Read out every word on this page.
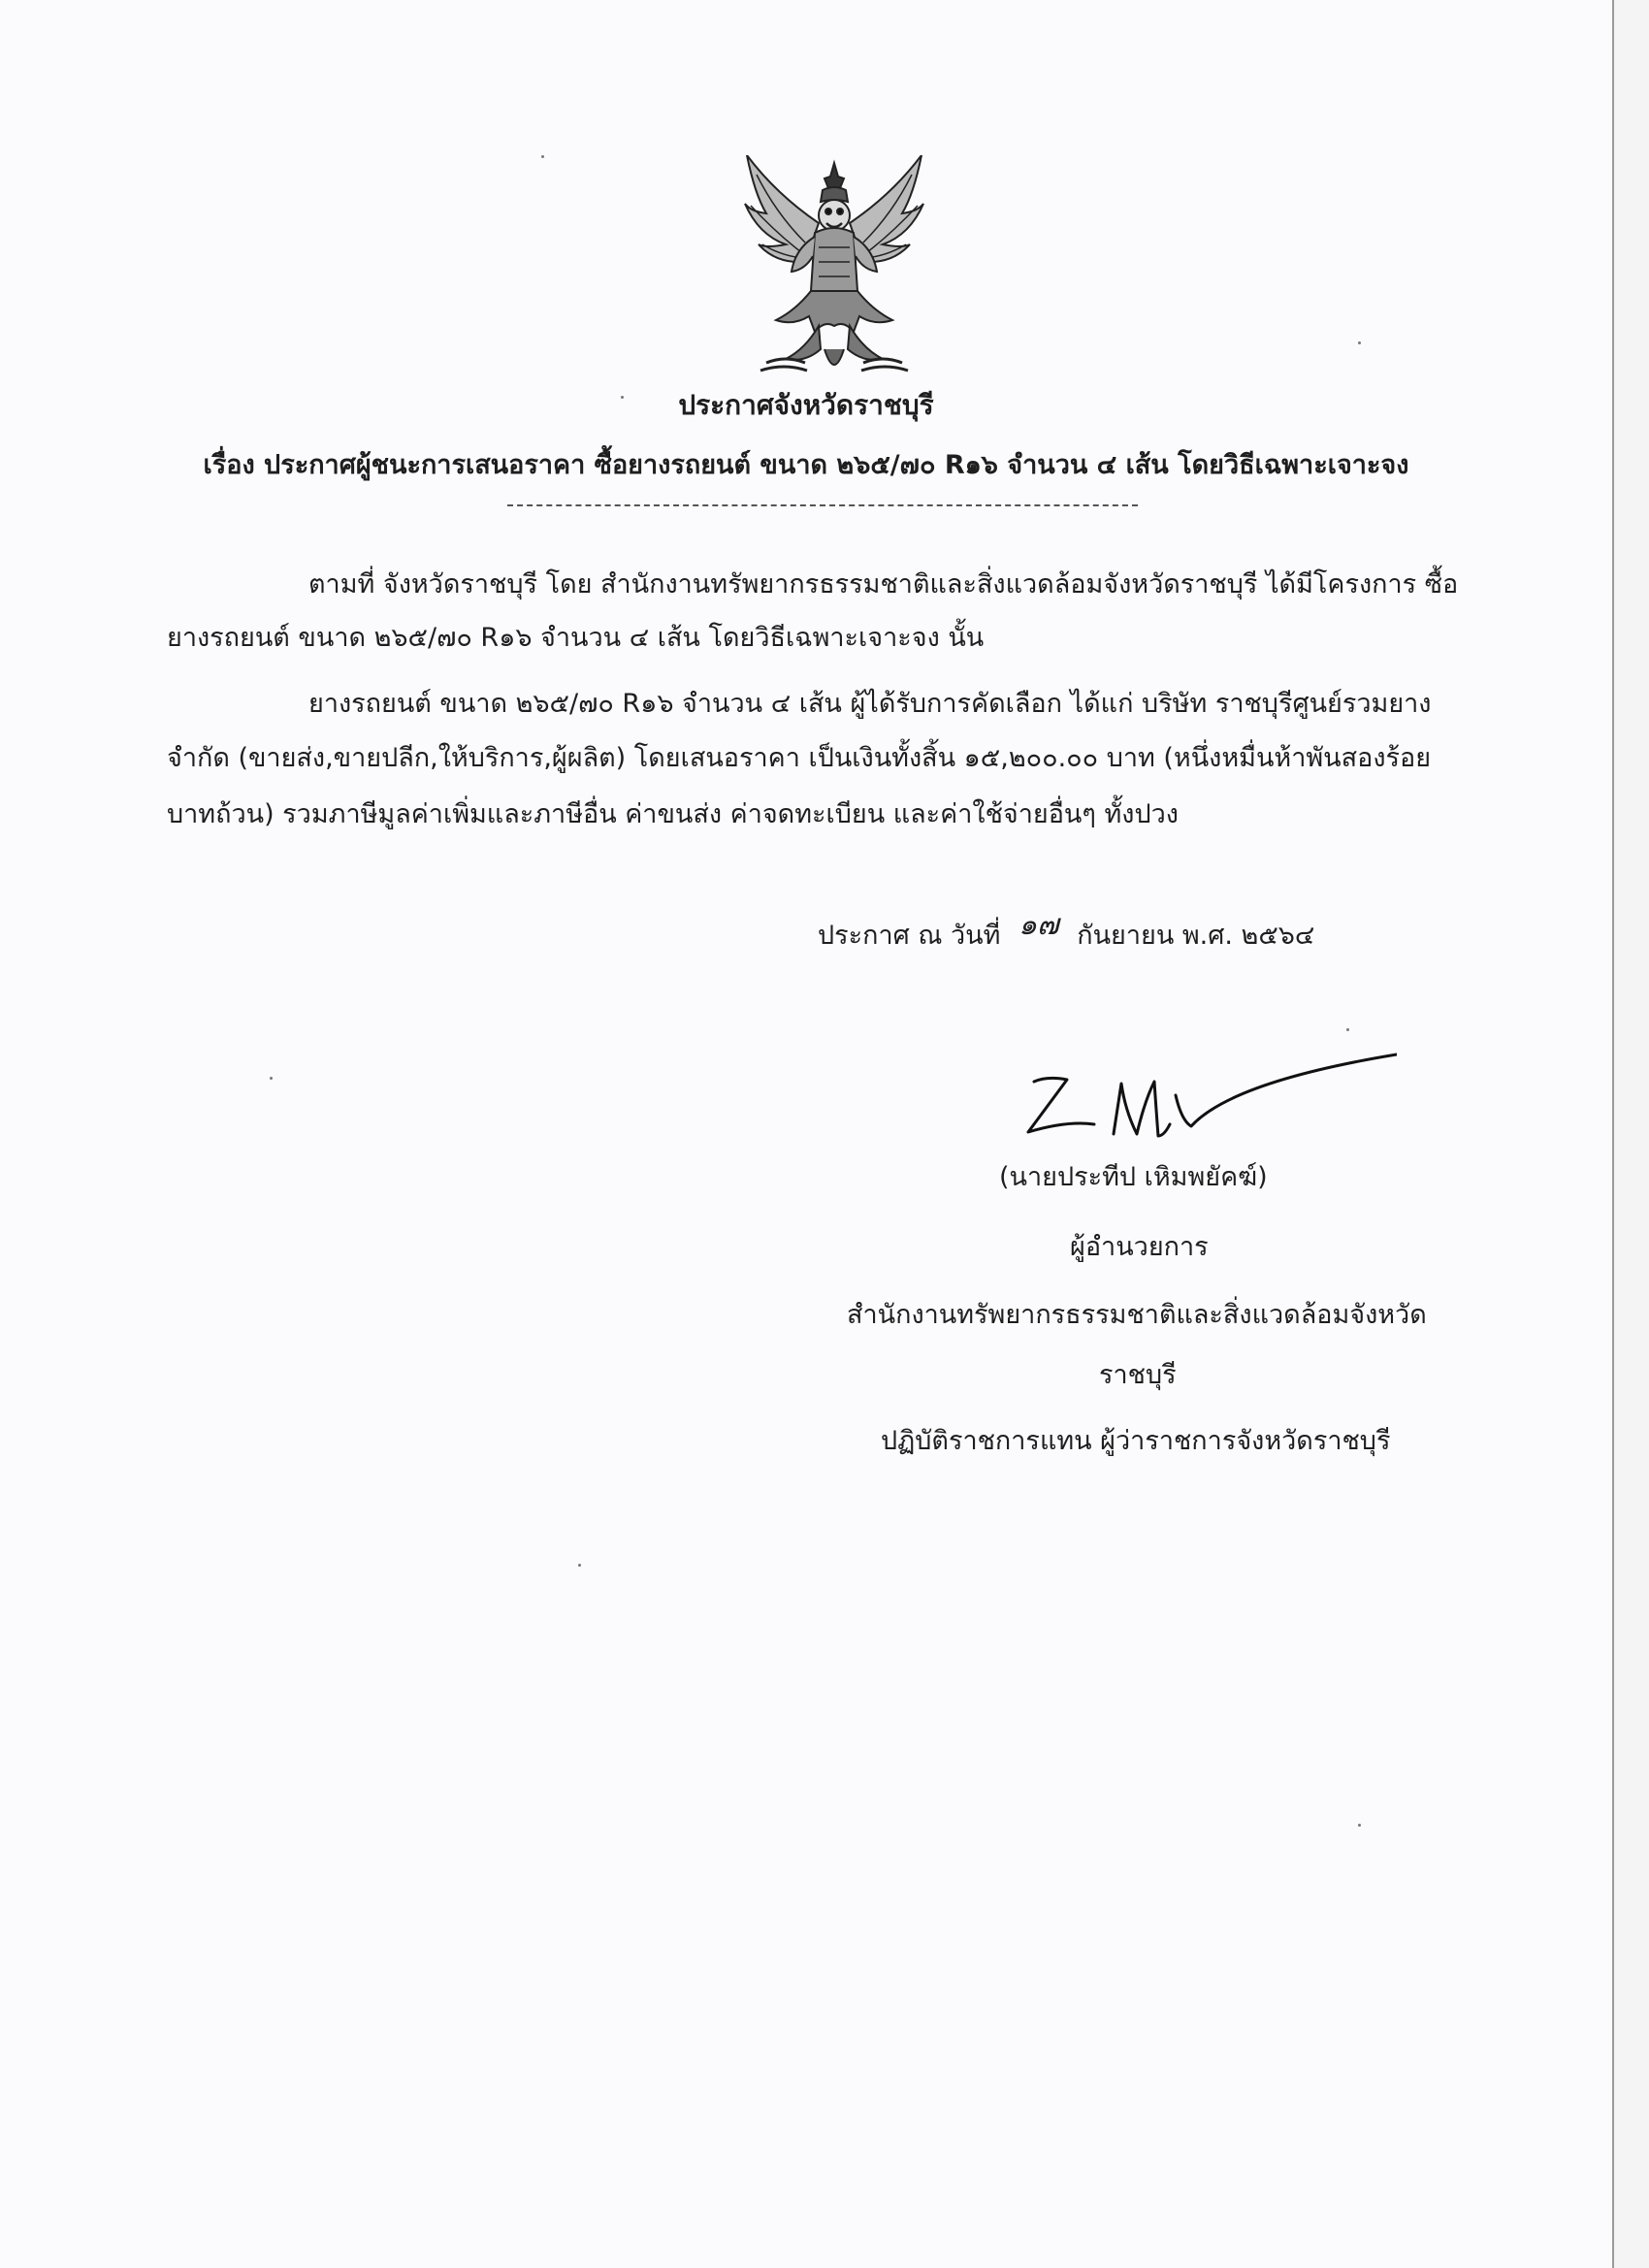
ประกาศจังหวัดราชบุรี
เรื่อง ประกาศผู้ชนะการเสนอราคา ซื้อยางรถยนต์ ขนาด ๒๖๕/๗๐ R๑๖ จำนวน ๔ เส้น โดยวิธีเฉพาะเจาะจง
ตามที่ จังหวัดราชบุรี โดย สำนักงานทรัพยากรธรรมชาติและสิ่งแวดล้อมจังหวัดราชบุรี ได้มีโครงการ ซื้อ
ยางรถยนต์ ขนาด ๒๖๕/๗๐ R๑๖ จำนวน ๔ เส้น โดยวิธีเฉพาะเจาะจง นั้น
ยางรถยนต์ ขนาด ๒๖๕/๗๐ R๑๖ จำนวน ๔ เส้น ผู้ได้รับการคัดเลือก ได้แก่ บริษัท ราชบุรีศูนย์รวมยาง
จำกัด (ขายส่ง,ขายปลีก,ให้บริการ,ผู้ผลิต) โดยเสนอราคา เป็นเงินทั้งสิ้น ๑๕,๒๐๐.๐๐ บาท (หนึ่งหมื่นห้าพันสองร้อย
บาทถ้วน) รวมภาษีมูลค่าเพิ่มและภาษีอื่น ค่าขนส่ง ค่าจดทะเบียน และค่าใช้จ่ายอื่นๆ ทั้งปวง
ประกาศ ณ วันที่ ๑๗ กันยายน พ.ศ. ๒๕๖๔
(นายประทีป เหิมพยัคฆ์)
ผู้อำนวยการ
สำนักงานทรัพยากรธรรมชาติและสิ่งแวดล้อมจังหวัด
ราชบุรี
ปฏิบัติราชการแทน ผู้ว่าราชการจังหวัดราชบุรี
